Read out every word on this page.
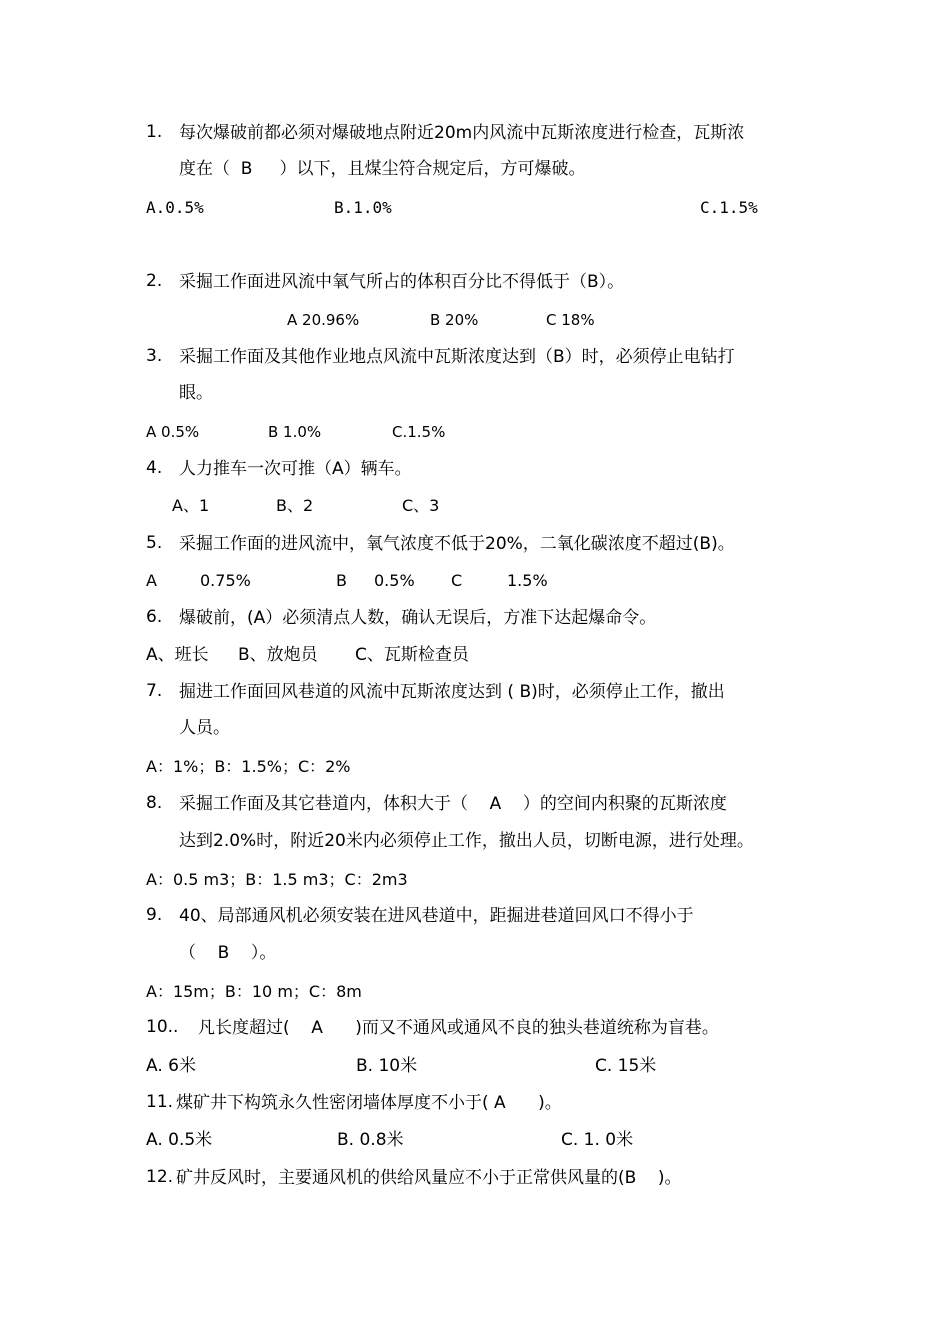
1. 每次爆破前都必须对爆破地点附近20m内风流中瓦斯浓度进行检查，瓦斯浓
度在（  B     ）以下，且煤尘符合规定后，方可爆破。
A.0.5%	B.1.0%	C.1.5%
2. 采掘工作面进风流中氧气所占的体积百分比不得低于（B）。
A 20.96%	B 20%	C 18%
3. 采掘工作面及其他作业地点风流中瓦斯浓度达到（B）时，必须停止电钻打
眼。
A 0.5%	B 1.0%	C.1.5%
4. 人力推车一次可推（A）辆车。
A、1	B、2	C、3
5. 采掘工作面的进风流中，氧气浓度不低于20%，二氧化碳浓度不超过(B)。
A	0.75%	B 0.5% C	1.5%
6. 爆破前，(A）必须清点人数，确认无误后，方准下达起爆命令。
A、班长 B、放炮员 C、瓦斯检查员
7. 掘进工作面回风巷道的风流中瓦斯浓度达到 ( B)时，必须停止工作，撤出
人员。
A：1%；B：1.5%；C：2%
8. 采掘工作面及其它巷道内，体积大于（    A    ）的空间内积聚的瓦斯浓度
达到2.0%时，附近20米内必须停止工作，撤出人员，切断电源，进行处理。
A：0.5 m3；B：1.5 m3；C：2m3
9. 40、局部通风机必须安装在进风巷道中，距掘进巷道回风口不得小于
（    B    ）。
A：15m；B：10 m；C：8m
10.. 凡长度超过(    A      )而又不通风或通风不良的独头巷道统称为盲巷。
A. 6米	B. 10米	C. 15米
11. 煤矿井下构筑永久性密闭墙体厚度不小于( A      )。
A. 0.5米	B. 0.8米	C. 1. 0米
12. 矿井反风时，主要通风机的供给风量应不小于正常供风量的(B    )。
